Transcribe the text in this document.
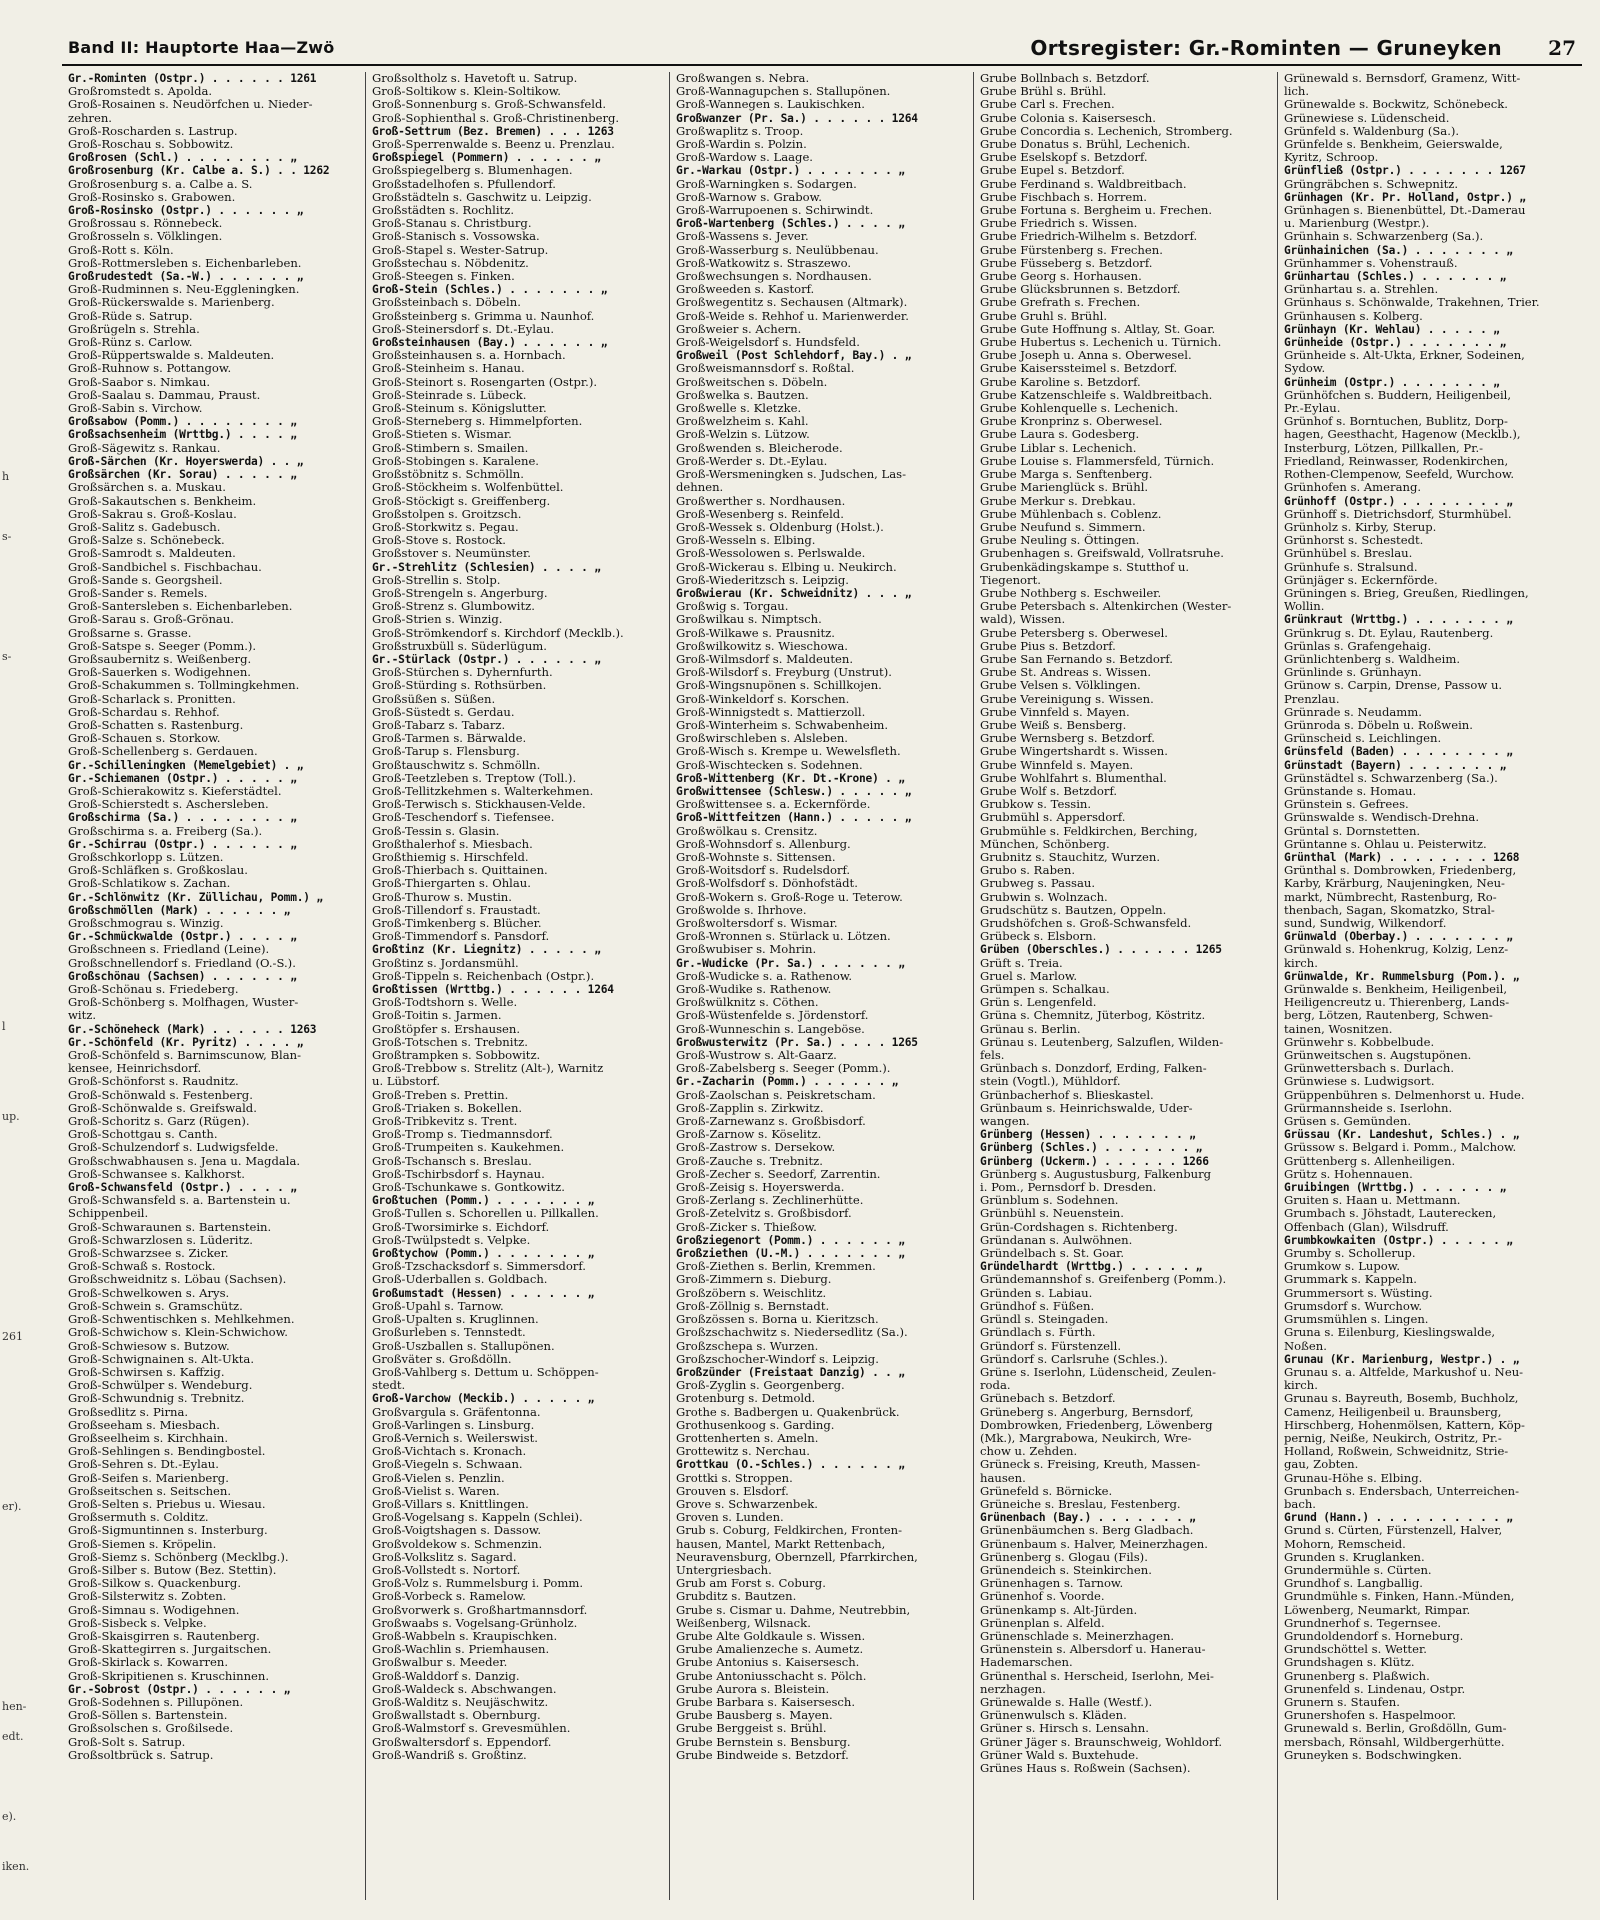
h
s-
s-
l
up.
261
er).
hen-
edt.
e).
iken.
Band II: Hauptorte Haa—Zwö	Ortsregister: Gr.-Rominten — Gruneyken 27
Gr.-Rominten (Ostpr.) . . . . . . 1261
Großromstedt s. Apolda.
Groß-Rosainen s. Neudörfchen u. Nieder-
zehren.
Groß-Roscharden s. Lastrup.
Groß-Roschau s. Sobbowitz.
Großrosen (Schl.) . . . . . . . . „
Großrosenburg (Kr. Calbe a. S.) . . 1262
Großrosenburg s. a. Calbe a. S.
Groß-Rosinsko s. Grabowen.
Groß-Rosinsko (Ostpr.) . . . . . . „
Großrossau s. Rönnebeck.
Großrosseln s. Völklingen.
Groß-Rott s. Köln.
Groß-Rottmersleben s. Eichenbarleben.
Großrudestedt (Sa.-W.) . . . . . . „
Groß-Rudminnen s. Neu-Eggleningken.
Groß-Rückerswalde s. Marienberg.
Groß-Rüde s. Satrup.
Großrügeln s. Strehla.
Groß-Rünz s. Carlow.
Groß-Rüppertswalde s. Maldeuten.
Groß-Ruhnow s. Pottangow.
Groß-Saabor s. Nimkau.
Groß-Saalau s. Dammau, Praust.
Groß-Sabin s. Virchow.
Großsabow (Pomm.) . . . . . . . . „
Großsachsenheim (Wrttbg.) . . . . „
Groß-Sägewitz s. Rankau.
Groß-Särchen (Kr. Hoyerswerda) . . „
Großsärchen (Kr. Sorau) . . . . . „
Großsärchen s. a. Muskau.
Groß-Sakautschen s. Benkheim.
Groß-Sakrau s. Groß-Koslau.
Groß-Salitz s. Gadebusch.
Groß-Salze s. Schönebeck.
Groß-Samrodt s. Maldeuten.
Groß-Sandbichel s. Fischbachau.
Groß-Sande s. Georgsheil.
Groß-Sander s. Remels.
Groß-Santersleben s. Eichenbarleben.
Groß-Sarau s. Groß-Grönau.
Großsarne s. Grasse.
Groß-Satspe s. Seeger (Pomm.).
Großsaubernitz s. Weißenberg.
Groß-Sauerken s. Wodigehnen.
Groß-Schakummen s. Tollmingkehmen.
Groß-Scharlack s. Pronitten.
Groß-Schardau s. Rehhof.
Groß-Schatten s. Rastenburg.
Groß-Schauen s. Storkow.
Groß-Schellenberg s. Gerdauen.
Gr.-Schilleningken (Memelgebiet) . „
Gr.-Schiemanen (Ostpr.) . . . . . „
Groß-Schierakowitz s. Kieferstädtel.
Groß-Schierstedt s. Aschersleben.
Großschirma (Sa.) . . . . . . . . „
Großschirma s. a. Freiberg (Sa.).
Gr.-Schirrau (Ostpr.) . . . . . . „
Großschkorlopp s. Lützen.
Groß-Schläfken s. Großkoslau.
Groß-Schlatikow s. Zachan.
Gr.-Schlönwitz (Kr. Züllichau, Pomm.) „
Großschmöllen (Mark) . . . . . . „
Großschmograu s. Winzig.
Gr.-Schmückwalde (Ostpr.) . . . . „
Großschneen s. Friedland (Leine).
Großschnellendorf s. Friedland (O.-S.).
Großschönau (Sachsen) . . . . . . „
Groß-Schönau s. Friedeberg.
Groß-Schönberg s. Molfhagen, Wuster-
witz.
Gr.-Schöneheck (Mark) . . . . . . 1263
Gr.-Schönfeld (Kr. Pyritz) . . . . „
Groß-Schönfeld s. Barnimscunow, Blan-
kensee, Heinrichsdorf.
Groß-Schönforst s. Raudnitz.
Groß-Schönwald s. Festenberg.
Groß-Schönwalde s. Greifswald.
Groß-Schoritz s. Garz (Rügen).
Groß-Schottgau s. Canth.
Groß-Schulzendorf s. Ludwigsfelde.
Großschwabhausen s. Jena u. Magdala.
Groß-Schwansee s. Kalkhorst.
Groß-Schwansfeld (Ostpr.) . . . . „
Groß-Schwansfeld s. a. Bartenstein u.
Schippenbeil.
Groß-Schwaraunen s. Bartenstein.
Groß-Schwarzlosen s. Lüderitz.
Groß-Schwarzsee s. Zicker.
Groß-Schwaß s. Rostock.
Großschweidnitz s. Löbau (Sachsen).
Groß-Schwelkowen s. Arys.
Groß-Schwein s. Gramschütz.
Groß-Schwentischken s. Mehlkehmen.
Groß-Schwichow s. Klein-Schwichow.
Groß-Schwiesow s. Butzow.
Groß-Schwignainen s. Alt-Ukta.
Groß-Schwirsen s. Kaffzig.
Groß-Schwülper s. Wendeburg.
Groß-Schwundnig s. Trebnitz.
Großsedlitz s. Pirna.
Großseeham s. Miesbach.
Großseelheim s. Kirchhain.
Groß-Sehlingen s. Bendingbostel.
Groß-Sehren s. Dt.-Eylau.
Groß-Seifen s. Marienberg.
Großseitschen s. Seitschen.
Groß-Selten s. Priebus u. Wiesau.
Großsermuth s. Colditz.
Groß-Sigmuntinnen s. Insterburg.
Groß-Siemen s. Kröpelin.
Groß-Siemz s. Schönberg (Mecklbg.).
Groß-Silber s. Butow (Bez. Stettin).
Groß-Silkow s. Quackenburg.
Groß-Silsterwitz s. Zobten.
Groß-Simnau s. Wodigehnen.
Groß-Sisbeck s. Velpke.
Groß-Skaisgirren s. Rautenberg.
Groß-Skattegirren s. Jurgaitschen.
Groß-Skirlack s. Kowarren.
Groß-Skripitienen s. Kruschinnen.
Gr.-Sobrost (Ostpr.) . . . . . . „
Groß-Sodehnen s. Pillupönen.
Groß-Söllen s. Bartenstein.
Großsolschen s. Großilsede.
Groß-Solt s. Satrup.
Großsoltbrück s. Satrup.
Großsoltholz s. Havetoft u. Satrup.
Groß-Soltikow s. Klein-Soltikow.
Groß-Sonnenburg s. Groß-Schwansfeld.
Groß-Sophienthal s. Groß-Christinenberg.
Groß-Settrum (Bez. Bremen) . . . 1263
Groß-Sperrenwalde s. Beenz u. Prenzlau.
Großspiegel (Pommern) . . . . . . „
Großspiegelberg s. Blumenhagen.
Großstadelhofen s. Pfullendorf.
Großstädteln s. Gaschwitz u. Leipzig.
Großstädten s. Rochlitz.
Groß-Stanau s. Christburg.
Groß-Stanisch s. Vossowska.
Groß-Stapel s. Wester-Satrup.
Großstechau s. Nöbdenitz.
Groß-Steegen s. Finken.
Groß-Stein (Schles.) . . . . . . . „
Großsteinbach s. Döbeln.
Großsteinberg s. Grimma u. Naunhof.
Groß-Steinersdorf s. Dt.-Eylau.
Großsteinhausen (Bay.) . . . . . . „
Großsteinhausen s. a. Hornbach.
Groß-Steinheim s. Hanau.
Groß-Steinort s. Rosengarten (Ostpr.).
Groß-Steinrade s. Lübeck.
Groß-Steinum s. Königslutter.
Groß-Sterneberg s. Himmelpforten.
Groß-Stieten s. Wismar.
Groß-Stimbern s. Smailen.
Groß-Stobingen s. Karalene.
Großstöbnitz s. Schmölln.
Groß-Stöckheim s. Wolfenbüttel.
Groß-Stöckigt s. Greiffenberg.
Großstolpen s. Groitzsch.
Groß-Storkwitz s. Pegau.
Groß-Stove s. Rostock.
Großstover s. Neumünster.
Gr.-Strehlitz (Schlesien) . . . . „
Groß-Strellin s. Stolp.
Groß-Strengeln s. Angerburg.
Groß-Strenz s. Glumbowitz.
Groß-Strien s. Winzig.
Groß-Strömkendorf s. Kirchdorf (Mecklb.).
Großstruxbüll s. Süderlügum.
Gr.-Stürlack (Ostpr.) . . . . . . „
Groß-Stürchen s. Dyhernfurth.
Groß-Stürding s. Rothsürben.
Großsüßen s. Süßen.
Groß-Süstedt s. Gerdau.
Groß-Tabarz s. Tabarz.
Groß-Tarmen s. Bärwalde.
Groß-Tarup s. Flensburg.
Großtauschwitz s. Schmölln.
Groß-Teetzleben s. Treptow (Toll.).
Groß-Tellitzkehmen s. Walterkehmen.
Groß-Terwisch s. Stickhausen-Velde.
Groß-Teschendorf s. Tiefensee.
Groß-Tessin s. Glasin.
Großthalerhof s. Miesbach.
Großthiemig s. Hirschfeld.
Groß-Thierbach s. Quittainen.
Groß-Thiergarten s. Ohlau.
Groß-Thurow s. Mustin.
Groß-Tillendorf s. Fraustadt.
Groß-Timkenberg s. Blücher.
Groß-Timmendorf s. Pansdorf.
Großtinz (Kr. Liegnitz) . . . . . „
Großtinz s. Jordansmühl.
Groß-Tippeln s. Reichenbach (Ostpr.).
Großtissen (Wrttbg.) . . . . . . 1264
Groß-Todtshorn s. Welle.
Groß-Toitin s. Jarmen.
Großtöpfer s. Ershausen.
Groß-Totschen s. Trebnitz.
Großtrampken s. Sobbowitz.
Groß-Trebbow s. Strelitz (Alt-), Warnitz
u. Lübstorf.
Groß-Treben s. Prettin.
Groß-Triaken s. Bokellen.
Groß-Tribkevitz s. Trent.
Groß-Tromp s. Tiedmannsdorf.
Groß-Trumpeiten s. Kaukehmen.
Groß-Tschansch s. Breslau.
Groß-Tschirbsdorf s. Haynau.
Groß-Tschunkawe s. Gontkowitz.
Großtuchen (Pomm.) . . . . . . . „
Groß-Tullen s. Schorellen u. Pillkallen.
Groß-Tworsimirke s. Eichdorf.
Groß-Twülpstedt s. Velpke.
Großtychow (Pomm.) . . . . . . . „
Groß-Tzschacksdorf s. Simmersdorf.
Groß-Uderballen s. Goldbach.
Großumstadt (Hessen) . . . . . . „
Groß-Upahl s. Tarnow.
Groß-Upalten s. Kruglinnen.
Großurleben s. Tennstedt.
Groß-Uszballen s. Stallupönen.
Großväter s. Großdölln.
Groß-Vahlberg s. Dettum u. Schöppen-
stedt.
Groß-Varchow (Meckib.) . . . . . „
Großvargula s. Gräfentonna.
Groß-Varlingen s. Linsburg.
Groß-Vernich s. Weilerswist.
Groß-Vichtach s. Kronach.
Groß-Viegeln s. Schwaan.
Groß-Vielen s. Penzlin.
Groß-Vielist s. Waren.
Groß-Villars s. Knittlingen.
Groß-Vogelsang s. Kappeln (Schlei).
Groß-Voigtshagen s. Dassow.
Großvoldekow s. Schmenzin.
Groß-Volkslitz s. Sagard.
Groß-Vollstedt s. Nortorf.
Groß-Volz s. Rummelsburg i. Pomm.
Groß-Vorbeck s. Ramelow.
Großvorwerk s. Großhartmannsdorf.
Großwaabs s. Vogelsang-Grünholz.
Groß-Wabbeln s. Kraupischken.
Groß-Wachlin s. Priemhausen.
Großwalbur s. Meeder.
Groß-Walddorf s. Danzig.
Groß-Waldeck s. Abschwangen.
Groß-Walditz s. Neujäschwitz.
Großwallstadt s. Obernburg.
Groß-Walmstorf s. Grevesmühlen.
Großwaltersdorf s. Eppendorf.
Groß-Wandriß s. Großtinz.
Großwangen s. Nebra.
Groß-Wannagupchen s. Stallupönen.
Groß-Wannegen s. Laukischken.
Großwanzer (Pr. Sa.) . . . . . . 1264
Großwaplitz s. Troop.
Groß-Wardin s. Polzin.
Groß-Wardow s. Laage.
Gr.-Warkau (Ostpr.) . . . . . . . „
Groß-Warningken s. Sodargen.
Groß-Warnow s. Grabow.
Groß-Warrupoenen s. Schirwindt.
Groß-Wartenberg (Schles.) . . . . „
Groß-Wassens s. Jever.
Groß-Wasserburg s. Neulübbenau.
Groß-Watkowitz s. Straszewo.
Großwechsungen s. Nordhausen.
Großweeden s. Kastorf.
Großwegentitz s. Sechausen (Altmark).
Groß-Weide s. Rehhof u. Marienwerder.
Großweier s. Achern.
Groß-Weigelsdorf s. Hundsfeld.
Großweil (Post Schlehdorf, Bay.) . „
Großweismannsdorf s. Roßtal.
Großweitschen s. Döbeln.
Großwelka s. Bautzen.
Großwelle s. Kletzke.
Großwelzheim s. Kahl.
Groß-Welzin s. Lützow.
Großwenden s. Bleicherode.
Groß-Werder s. Dt.-Eylau.
Groß-Wersmeningken s. Judschen, Las-
dehnen.
Großwerther s. Nordhausen.
Groß-Wesenberg s. Reinfeld.
Groß-Wessek s. Oldenburg (Holst.).
Groß-Wesseln s. Elbing.
Groß-Wessolowen s. Perlswalde.
Groß-Wickerau s. Elbing u. Neukirch.
Groß-Wiederitzsch s. Leipzig.
Großwierau (Kr. Schweidnitz) . . . „
Großwig s. Torgau.
Großwilkau s. Nimptsch.
Groß-Wilkawe s. Prausnitz.
Großwilkowitz s. Wieschowa.
Groß-Wilmsdorf s. Maldeuten.
Groß-Wilsdorf s. Freyburg (Unstrut).
Groß-Wingsnupönen s. Schillkojen.
Groß-Winkeldorf s. Korschen.
Groß-Winnigstedt s. Mattierzoll.
Groß-Winterheim s. Schwabenheim.
Großwirschleben s. Alsleben.
Groß-Wisch s. Krempe u. Wewelsfleth.
Groß-Wischtecken s. Sodehnen.
Groß-Wittenberg (Kr. Dt.-Krone) . „
Großwittensee (Schlesw.) . . . . . „
Großwittensee s. a. Eckernförde.
Groß-Wittfeitzen (Hann.) . . . . . „
Großwölkau s. Crensitz.
Groß-Wohnsdorf s. Allenburg.
Groß-Wohnste s. Sittensen.
Groß-Woitsdorf s. Rudelsdorf.
Groß-Wolfsdorf s. Dönhofstädt.
Groß-Wokern s. Groß-Roge u. Teterow.
Großwolde s. Ihrhove.
Großwoltersdorf s. Wismar.
Groß-Wronnen s. Stürlack u. Lötzen.
Großwubiser s. Mohrin.
Gr.-Wudicke (Pr. Sa.) . . . . . . „
Groß-Wudicke s. a. Rathenow.
Groß-Wudike s. Rathenow.
Großwülknitz s. Cöthen.
Groß-Wüstenfelde s. Jördenstorf.
Groß-Wunneschin s. Langeböse.
Großwusterwitz (Pr. Sa.) . . . . 1265
Groß-Wustrow s. Alt-Gaarz.
Groß-Zabelsberg s. Seeger (Pomm.).
Gr.-Zacharin (Pomm.) . . . . . . „
Groß-Zaolschan s. Peiskretscham.
Groß-Zapplin s. Zirkwitz.
Groß-Zarnewanz s. Großbisdorf.
Groß-Zarnow s. Köselitz.
Groß-Zastrow s. Dersekow.
Groß-Zauche s. Trebnitz.
Groß-Zecher s. Seedorf, Zarrentin.
Groß-Zeisig s. Hoyerswerda.
Groß-Zerlang s. Zechlinerhütte.
Groß-Zetelvitz s. Großbisdorf.
Groß-Zicker s. Thießow.
Großziegenort (Pomm.) . . . . . . „
Großziethen (U.-M.) . . . . . . . „
Groß-Ziethen s. Berlin, Kremmen.
Groß-Zimmern s. Dieburg.
Großzöbern s. Weischlitz.
Groß-Zöllnig s. Bernstadt.
Großzössen s. Borna u. Kieritzsch.
Großzschachwitz s. Niedersedlitz (Sa.).
Großzschepa s. Wurzen.
Großzschocher-Windorf s. Leipzig.
Großzünder (Freistaat Danzig) . . „
Groß-Zyglin s. Georgenberg.
Grotenburg s. Detmold.
Grothe s. Badbergen u. Quakenbrück.
Grothusenkoog s. Garding.
Grottenherten s. Ameln.
Grottewitz s. Nerchau.
Grottkau (O.-Schles.) . . . . . . „
Grottki s. Stroppen.
Grouven s. Elsdorf.
Grove s. Schwarzenbek.
Groven s. Lunden.
Grub s. Coburg, Feldkirchen, Fronten-
hausen, Mantel, Markt Rettenbach,
Neuravensburg, Obernzell, Pfarrkirchen,
Untergriesbach.
Grub am Forst s. Coburg.
Grubditz s. Bautzen.
Grube s. Cismar u. Dahme, Neutrebbin,
Weißenberg, Wilsnack.
Grube Alte Goldkaule s. Wissen.
Grube Amalienzeche s. Aumetz.
Grube Antonius s. Kaisersesch.
Grube Antoniusschacht s. Pölch.
Grube Aurora s. Bleistein.
Grube Barbara s. Kaisersesch.
Grube Bausberg s. Mayen.
Grube Berggeist s. Brühl.
Grube Bernstein s. Bensburg.
Grube Bindweide s. Betzdorf.
Grube Bollnbach s. Betzdorf.
Grube Brühl s. Brühl.
Grube Carl s. Frechen.
Grube Colonia s. Kaisersesch.
Grube Concordia s. Lechenich, Stromberg.
Grube Donatus s. Brühl, Lechenich.
Grube Eselskopf s. Betzdorf.
Grube Eupel s. Betzdorf.
Grube Ferdinand s. Waldbreitbach.
Grube Fischbach s. Horrem.
Grube Fortuna s. Bergheim u. Frechen.
Grube Friedrich s. Wissen.
Grube Friedrich-Wilhelm s. Betzdorf.
Grube Fürstenberg s. Frechen.
Grube Füsseberg s. Betzdorf.
Grube Georg s. Horhausen.
Grube Glücksbrunnen s. Betzdorf.
Grube Grefrath s. Frechen.
Grube Gruhl s. Brühl.
Grube Gute Hoffnung s. Altlay, St. Goar.
Grube Hubertus s. Lechenich u. Türnich.
Grube Joseph u. Anna s. Oberwesel.
Grube Kaiserssteimel s. Betzdorf.
Grube Karoline s. Betzdorf.
Grube Katzenschleife s. Waldbreitbach.
Grube Kohlenquelle s. Lechenich.
Grube Kronprinz s. Oberwesel.
Grube Laura s. Godesberg.
Grube Liblar s. Lechenich.
Grube Louise s. Flammersfeld, Türnich.
Grube Marga s. Senftenberg.
Grube Marienglück s. Brühl.
Grube Merkur s. Drebkau.
Grube Mühlenbach s. Coblenz.
Grube Neufund s. Simmern.
Grube Neuling s. Öttingen.
Grubenhagen s. Greifswald, Vollratsruhe.
Grubenkädingskampe s. Stutthof u.
Tiegenort.
Grube Nothberg s. Eschweiler.
Grube Petersbach s. Altenkirchen (Wester-
wald), Wissen.
Grube Petersberg s. Oberwesel.
Grube Pius s. Betzdorf.
Grube San Fernando s. Betzdorf.
Grube St. Andreas s. Wissen.
Grube Velsen s. Völklingen.
Grube Vereinigung s. Wissen.
Grube Vinnfeld s. Mayen.
Grube Weiß s. Bensberg.
Grube Wernsberg s. Betzdorf.
Grube Wingertshardt s. Wissen.
Grube Winnfeld s. Mayen.
Grube Wohlfahrt s. Blumenthal.
Grube Wolf s. Betzdorf.
Grubkow s. Tessin.
Grubmühl s. Appersdorf.
Grubmühle s. Feldkirchen, Berching,
München, Schönberg.
Grubnitz s. Stauchitz, Wurzen.
Grubo s. Raben.
Grubweg s. Passau.
Grubwin s. Wolnzach.
Grudschütz s. Bautzen, Oppeln.
Grudshöfchen s. Groß-Schwansfeld.
Grübeck s. Elsborn.
Grüben (Oberschles.) . . . . . . 1265
Grüft s. Treia.
Gruel s. Marlow.
Grümpen s. Schalkau.
Grün s. Lengenfeld.
Grüna s. Chemnitz, Jüterbog, Köstritz.
Grünau s. Berlin.
Grünau s. Leutenberg, Salzuflen, Wilden-
fels.
Grünbach s. Donzdorf, Erding, Falken-
stein (Vogtl.), Mühldorf.
Grünbacherhof s. Blieskastel.
Grünbaum s. Heinrichswalde, Uder-
wangen.
Grünberg (Hessen) . . . . . . . „
Grünberg (Schles.) . . . . . . . „
Grünberg (Uckerm.) . . . . . . 1266
Grünberg s. Augustusburg, Falkenburg
i. Pom., Pernsdorf b. Dresden.
Grünblum s. Sodehnen.
Grünbühl s. Neuenstein.
Grün-Cordshagen s. Richtenberg.
Gründanan s. Aulwöhnen.
Gründelbach s. St. Goar.
Gründelhardt (Wrttbg.) . . . . . „
Gründemannshof s. Greifenberg (Pomm.).
Gründen s. Labiau.
Gründhof s. Füßen.
Gründl s. Steingaden.
Gründlach s. Fürth.
Gründorf s. Fürstenzell.
Gründorf s. Carlsruhe (Schles.).
Grüne s. Iserlohn, Lüdenscheid, Zeulen-
roda.
Grünebach s. Betzdorf.
Grüneberg s. Angerburg, Bernsdorf,
Dombrowken, Friedenberg, Löwenberg
(Mk.), Margrabowa, Neukirch, Wre-
chow u. Zehden.
Grüneck s. Freising, Kreuth, Massen-
hausen.
Grünefeld s. Börnicke.
Grüneiche s. Breslau, Festenberg.
Grünenbach (Bay.) . . . . . . . „
Grünenbäumchen s. Berg Gladbach.
Grünenbaum s. Halver, Meinerzhagen.
Grünenberg s. Glogau (Fils).
Grünendeich s. Steinkirchen.
Grünenhagen s. Tarnow.
Grünenhof s. Voorde.
Grünenkamp s. Alt-Jürden.
Grünenplan s. Alfeld.
Grünenschlade s. Meinerzhagen.
Grünenstein s. Albersdorf u. Hanerau-
Hademarschen.
Grünenthal s. Herscheid, Iserlohn, Mei-
nerzhagen.
Grünewalde s. Halle (Westf.).
Grünenwulsch s. Kläden.
Grüner s. Hirsch s. Lensahn.
Grüner Jäger s. Braunschweig, Wohldorf.
Grüner Wald s. Buxtehude.
Grünes Haus s. Roßwein (Sachsen).
Grünewald s. Bernsdorf, Gramenz, Witt-
lich.
Grünewalde s. Bockwitz, Schönebeck.
Grünewiese s. Lüdenscheid.
Grünfeld s. Waldenburg (Sa.).
Grünfelde s. Benkheim, Geierswalde,
Kyritz, Schroop.
Grünfließ (Ostpr.) . . . . . . . 1267
Grüngräbchen s. Schwepnitz.
Grünhagen (Kr. Pr. Holland, Ostpr.) „
Grünhagen s. Bienenbüttel, Dt.-Damerau
u. Marienburg (Westpr.).
Grünhain s. Schwarzenberg (Sa.).
Grünhainichen (Sa.) . . . . . . . „
Grünhammer s. Vohenstrauß.
Grünhartau (Schles.) . . . . . . „
Grünhartau s. a. Strehlen.
Grünhaus s. Schönwalde, Trakehnen, Trier.
Grünhausen s. Kolberg.
Grünhayn (Kr. Wehlau) . . . . . „
Grünheide (Ostpr.) . . . . . . . „
Grünheide s. Alt-Ukta, Erkner, Sodeinen,
Sydow.
Grünheim (Ostpr.) . . . . . . . „
Grünhöfchen s. Buddern, Heiligenbeil,
Pr.-Eylau.
Grünhof s. Borntuchen, Bublitz, Dorp-
hagen, Geesthacht, Hagenow (Mecklb.),
Insterburg, Lötzen, Pillkallen, Pr.-
Friedland, Reinwasser, Rodenkirchen,
Rothen-Clempenow, Seefeld, Wurchow.
Grünhofen s. Amerang.
Grünhoff (Ostpr.) . . . . . . . . „
Grünhoff s. Dietrichsdorf, Sturmhübel.
Grünholz s. Kirby, Sterup.
Grünhorst s. Schestedt.
Grünhübel s. Breslau.
Grünhufe s. Stralsund.
Grünjäger s. Eckernförde.
Grüningen s. Brieg, Greußen, Riedlingen,
Wollin.
Grünkraut (Wrttbg.) . . . . . . . „
Grünkrug s. Dt. Eylau, Rautenberg.
Grünlas s. Grafengehaig.
Grünlichtenberg s. Waldheim.
Grünlinde s. Grünhayn.
Grünow s. Carpin, Drense, Passow u.
Prenzlau.
Grünrade s. Neudamm.
Grünroda s. Döbeln u. Roßwein.
Grünscheid s. Leichlingen.
Grünsfeld (Baden) . . . . . . . . „
Grünstadt (Bayern) . . . . . . . „
Grünstädtel s. Schwarzenberg (Sa.).
Grünstande s. Homau.
Grünstein s. Gefrees.
Grünswalde s. Wendisch-Drehna.
Grüntal s. Dornstetten.
Grüntanne s. Ohlau u. Peisterwitz.
Grünthal (Mark) . . . . . . . . 1268
Grünthal s. Dombrowken, Friedenberg,
Karby, Krärburg, Naujeningken, Neu-
markt, Nümbrecht, Rastenburg, Ro-
thenbach, Sagan, Skomatzko, Stral-
sund, Sundwig, Wilkendorf.
Grünwald (Oberbay.) . . . . . . . „
Grünwald s. Hohenkrug, Kolzig, Lenz-
kirch.
Grünwalde, Kr. Rummelsburg (Pom.). „
Grünwalde s. Benkheim, Heiligenbeil,
Heiligencreutz u. Thierenberg, Lands-
berg, Lötzen, Rautenberg, Schwen-
tainen, Wosnitzen.
Grünwehr s. Kobbelbude.
Grünweitschen s. Augstupönen.
Grünwettersbach s. Durlach.
Grünwiese s. Ludwigsort.
Grüppenbühren s. Delmenhorst u. Hude.
Grürmannsheide s. Iserlohn.
Grüsen s. Gemünden.
Grüssau (Kr. Landeshut, Schles.) . „
Grüssow s. Belgard i. Pomm., Malchow.
Grüttenberg s. Allenheiligen.
Grütz s. Hohennauen.
Gruibingen (Wrttbg.) . . . . . . „
Gruiten s. Haan u. Mettmann.
Grumbach s. Jöhstadt, Lauterecken,
Offenbach (Glan), Wilsdruff.
Grumbkowkaiten (Ostpr.) . . . . . „
Grumby s. Schollerup.
Grumkow s. Lupow.
Grummark s. Kappeln.
Grummersort s. Wüsting.
Grumsdorf s. Wurchow.
Grumsmühlen s. Lingen.
Gruna s. Eilenburg, Kieslingswalde,
Noßen.
Grunau (Kr. Marienburg, Westpr.) . „
Grunau s. a. Altfelde, Markushof u. Neu-
kirch.
Grunau s. Bayreuth, Bosemb, Buchholz,
Camenz, Heiligenbeil u. Braunsberg,
Hirschberg, Hohenmölsen, Kattern, Köp-
pernig, Neiße, Neukirch, Ostritz, Pr.-
Holland, Roßwein, Schweidnitz, Strie-
gau, Zobten.
Grunau-Höhe s. Elbing.
Grunbach s. Endersbach, Unterreichen-
bach.
Grund (Hann.) . . . . . . . . . . „
Grund s. Cürten, Fürstenzell, Halver,
Mohorn, Remscheid.
Grunden s. Kruglanken.
Grundermühle s. Cürten.
Grundhof s. Langballig.
Grundmühle s. Finken, Hann.-Münden,
Löwenberg, Neumarkt, Rimpar.
Grundnerhof s. Tegernsee.
Grundoldendorf s. Horneburg.
Grundschöttel s. Wetter.
Grundshagen s. Klütz.
Grunenberg s. Plaßwich.
Grunenfeld s. Lindenau, Ostpr.
Grunern s. Staufen.
Grunershofen s. Haspelmoor.
Grunewald s. Berlin, Großdölln, Gum-
mersbach, Rönsahl, Wildbergerhütte.
Gruneyken s. Bodschwingken.
